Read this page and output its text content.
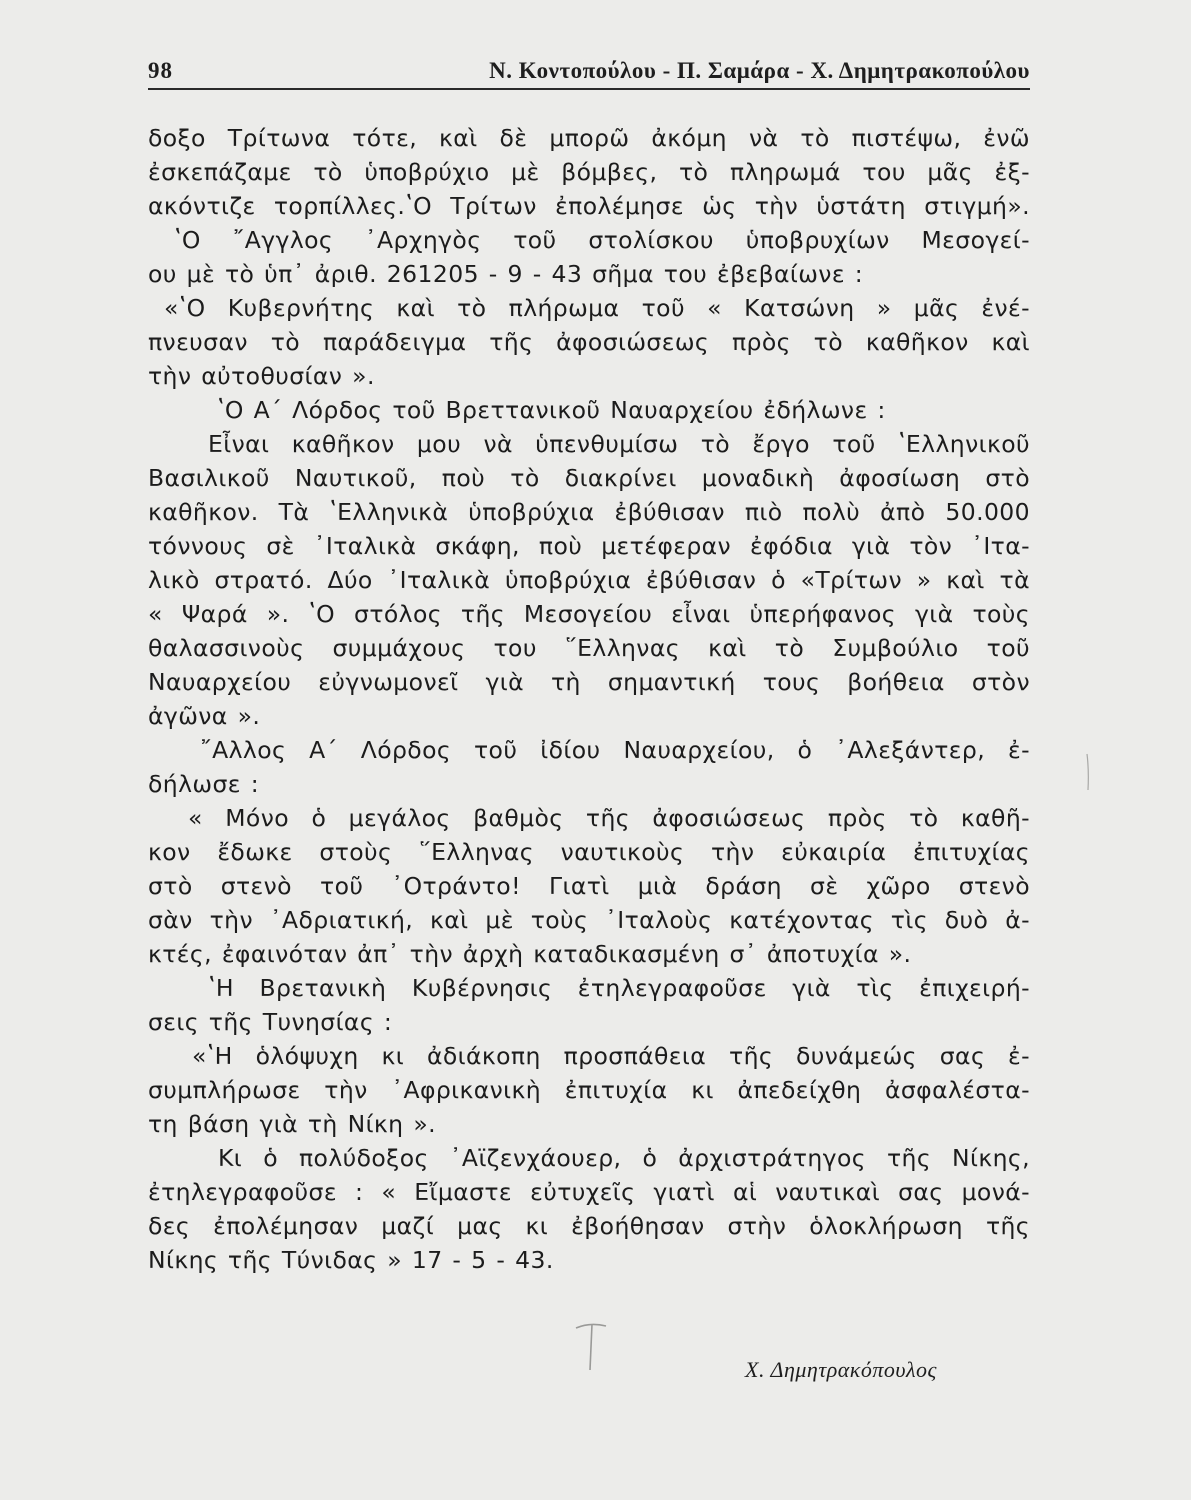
98	Ν. Κοντοπούλου - Π. Σαμάρα - Χ. Δημητρακοπούλου
δοξο Τρίτωνα τότε, καὶ δὲ μπορῶ ἀκόμη νὰ τὸ πιστέψω, ἐνῶ
ἐσκεπάζαμε τὸ ὑποβρύχιο μὲ βόμβες, τὸ πληρωμά του μᾶς ἐξ-
ακόντιζε τορπίλλες.ʽΟ Τρίτων ἐπολέμησε ὡς τὴν ὑστάτη στιγμή».
ʽΟ ῎Αγγλος ᾿Αρχηγὸς τοῦ στολίσκου ὑποβρυχίων Μεσογεί-
ου μὲ τὸ ὑπ᾿ ἀριθ. 261205 - 9 - 43 σῆμα του ἐβεβαίωνε :
«ʽΟ Κυβερνήτης καὶ τὸ πλήρωμα τοῦ « Κατσώνη » μᾶς ἐνέ-
πνευσαν τὸ παράδειγμα τῆς ἀφοσιώσεως πρὸς τὸ καθῆκον καὶ
τὴν αὐτοθυσίαν ».
ʽΟ Α΄ Λόρδος τοῦ Βρεττανικοῦ Ναυαρχείου ἐδήλωνε :
Εἶναι καθῆκον μου νὰ ὑπενθυμίσω τὸ ἔργο τοῦ ʽΕλληνικοῦ
Βασιλικοῦ Ναυτικοῦ, ποὺ τὸ διακρίνει μοναδικὴ ἀφοσίωση στὸ
καθῆκον. Τὰ ʽΕλληνικὰ ὑποβρύχια ἐβύθισαν πιὸ πολὺ ἀπὸ 50.000
τόννους σὲ ᾿Ιταλικὰ σκάφη, ποὺ μετέφεραν ἐφόδια γιὰ τὸν ᾿Ιτα-
λικὸ στρατό. Δύο ᾿Ιταλικὰ ὑποβρύχια ἐβύθισαν ὁ «Τρίτων » καὶ τὰ
« Ψαρά ». ʽΟ στόλος τῆς Μεσογείου εἶναι ὑπερήφανος γιὰ τοὺς
θαλασσινοὺς συμμάχους του ῞Ελληνας καὶ τὸ Συμβούλιο τοῦ
Ναυαρχείου εὐγνωμονεῖ γιὰ τὴ σημαντική τους βοήθεια στὸν
ἀγῶνα ».
῎Αλλος Α΄ Λόρδος τοῦ ἰδίου Ναυαρχείου, ὁ ᾿Αλεξάντερ, ἐ-
δήλωσε :
« Μόνο ὁ μεγάλος βαθμὸς τῆς ἀφοσιώσεως πρὸς τὸ καθῆ-
κον ἔδωκε στοὺς ῞Ελληνας ναυτικοὺς τὴν εὐκαιρία ἐπιτυχίας
στὸ στενὸ τοῦ ᾿Οτράντο! Γιατὶ μιὰ δράση σὲ χῶρο στενὸ
σὰν τὴν ᾿Αδριατική, καὶ μὲ τοὺς ᾿Ιταλοὺς κατέχοντας τὶς δυὸ ἀ-
κτές, ἐφαινόταν ἀπ᾿ τὴν ἀρχὴ καταδικασμένη σ᾿ ἀποτυχία ».
ʽΗ Βρετανικὴ Κυβέρνησις ἐτηλεγραφοῦσε γιὰ τὶς ἐπιχειρή-
σεις τῆς Τυνησίας :
«ʽΗ ὁλόψυχη κι ἀδιάκοπη προσπάθεια τῆς δυνάμεώς σας ἐ-
συμπλήρωσε τὴν ᾿Αφρικανικὴ ἐπιτυχία κι ἀπεδείχθη ἀσφαλέστα-
τη βάση γιὰ τὴ Νίκη ».
Κι ὁ πολύδοξος ᾿Αϊζενχάουερ, ὁ ἀρχιστράτηγος τῆς Νίκης,
ἐτηλεγραφοῦσε : « Εἴμαστε εὐτυχεῖς γιατὶ αἱ ναυτικαὶ σας μονά-
δες ἐπολέμησαν μαζί μας κι ἐβοήθησαν στὴν ὁλοκλήρωση τῆς
Νίκης τῆς Τύνιδας » 17 - 5 - 43.
Χ. Δημητρακόπουλος
